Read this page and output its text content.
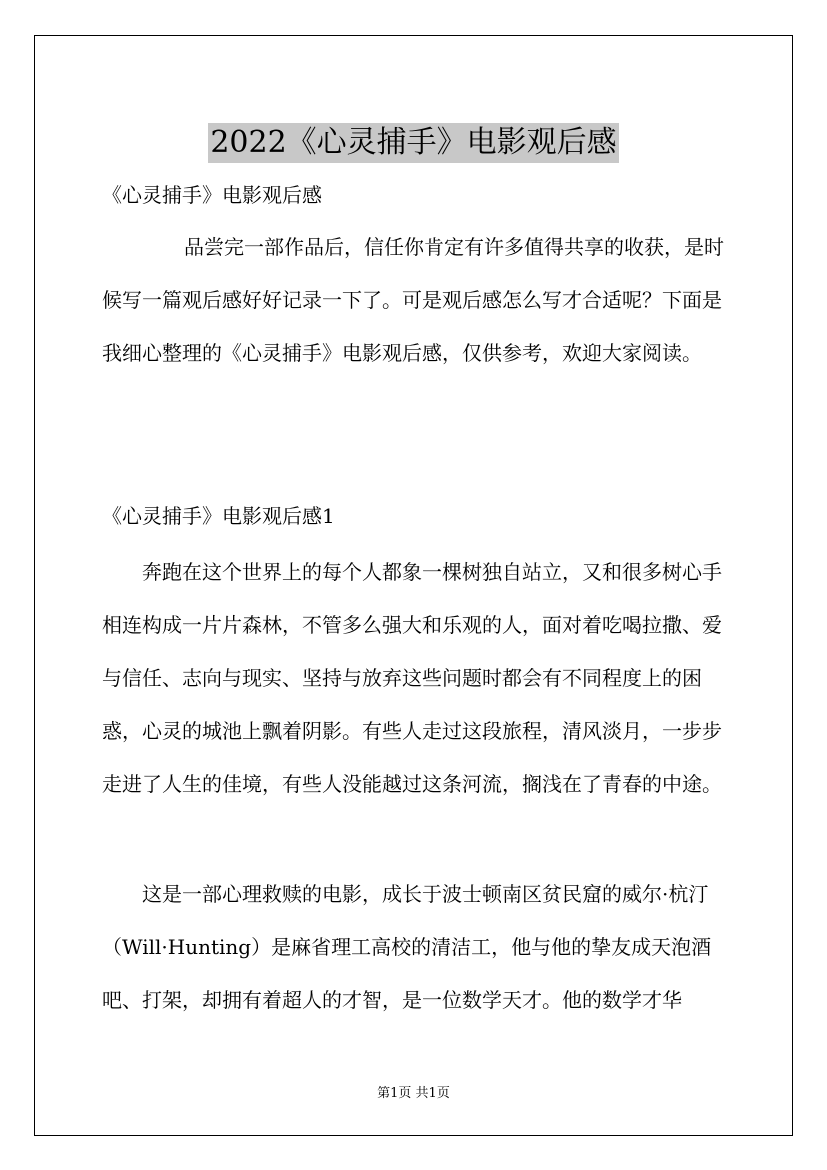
2022《心灵捕手》电影观后感

《心灵捕手》电影观后感

品尝完一部作品后，信任你肯定有许多值得共享的收获，是时候写一篇观后感好好记录一下了。可是观后感怎么写才合适呢？下面是我细心整理的《心灵捕手》电影观后感，仅供参考，欢迎大家阅读。

《心灵捕手》电影观后感1

奔跑在这个世界上的每个人都象一棵树独自站立，又和很多树心手相连构成一片片森林，不管多么强大和乐观的人，面对着吃喝拉撒、爱与信任、志向与现实、坚持与放弃这些问题时都会有不同程度上的困惑，心灵的城池上飘着阴影。有些人走过这段旅程，清风淡月，一步步走进了人生的佳境，有些人没能越过这条河流，搁浅在了青春的中途。

这是一部心理救赎的电影，成长于波士顿南区贫民窟的威尔·杭汀（Will·Hunting）是麻省理工高校的清洁工，他与他的挚友成天泡酒吧、打架，却拥有着超人的才智，是一位数学天才。他的数学才华

第1页 共1页
